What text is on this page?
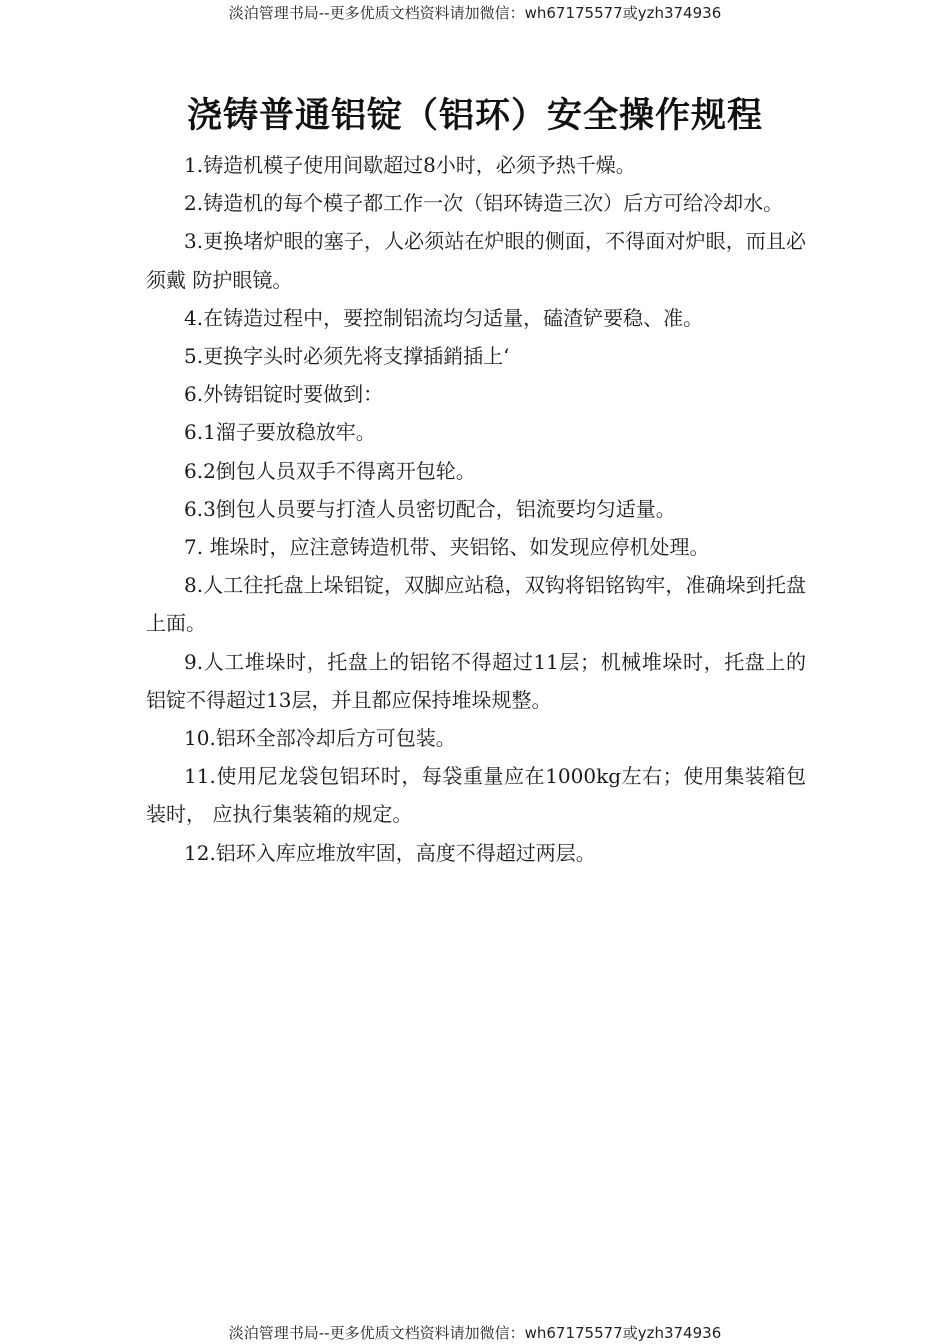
淡泊管理书局--更多优质文档资料请加微信：wh67175577或yzh374936
浇铸普通铝锭（铝环）安全操作规程

1.铸造机模子使用间歇超过8小时，必须予热千燥。

2.铸造机的每个模子都工作一次（铝环铸造三次）后方可给冷却水。

3.更换堵炉眼的塞子，人必须站在炉眼的侧面，不得面对炉眼，而且必须戴 防护眼镜。

4.在铸造过程中，要控制铝流均匀适量，磕渣铲要稳、准。

5.更换字头时必须先将支撑插銷插上‘

6.外铸铝锭时要做到：

6.1溜子要放稳放牢。

6.2倒包人员双手不得离开包轮。

6.3倒包人员要与打渣人员密切配合，铝流要均匀适量。

7. 堆垛时，应注意铸造机带、夹铝铭、如发现应停机处理。

8.人工往托盘上垛铝锭，双脚应站稳，双钩将铝铭钩牢，准确垛到托盘上面。

9.人工堆垛时，托盘上的铝铭不得超过11层；机械堆垛时，托盘上的铝锭不得超过13层，并且都应保持堆垛规整。

10.铝环全部冷却后方可包装。

11.使用尼龙袋包铝环时，每袋重量应在1000kg左右；使用集装箱包装时， 应执行集装箱的规定。

12.铝环入库应堆放牢固，高度不得超过两层。

淡泊管理书局--更多优质文档资料请加微信：wh67175577或yzh374936
